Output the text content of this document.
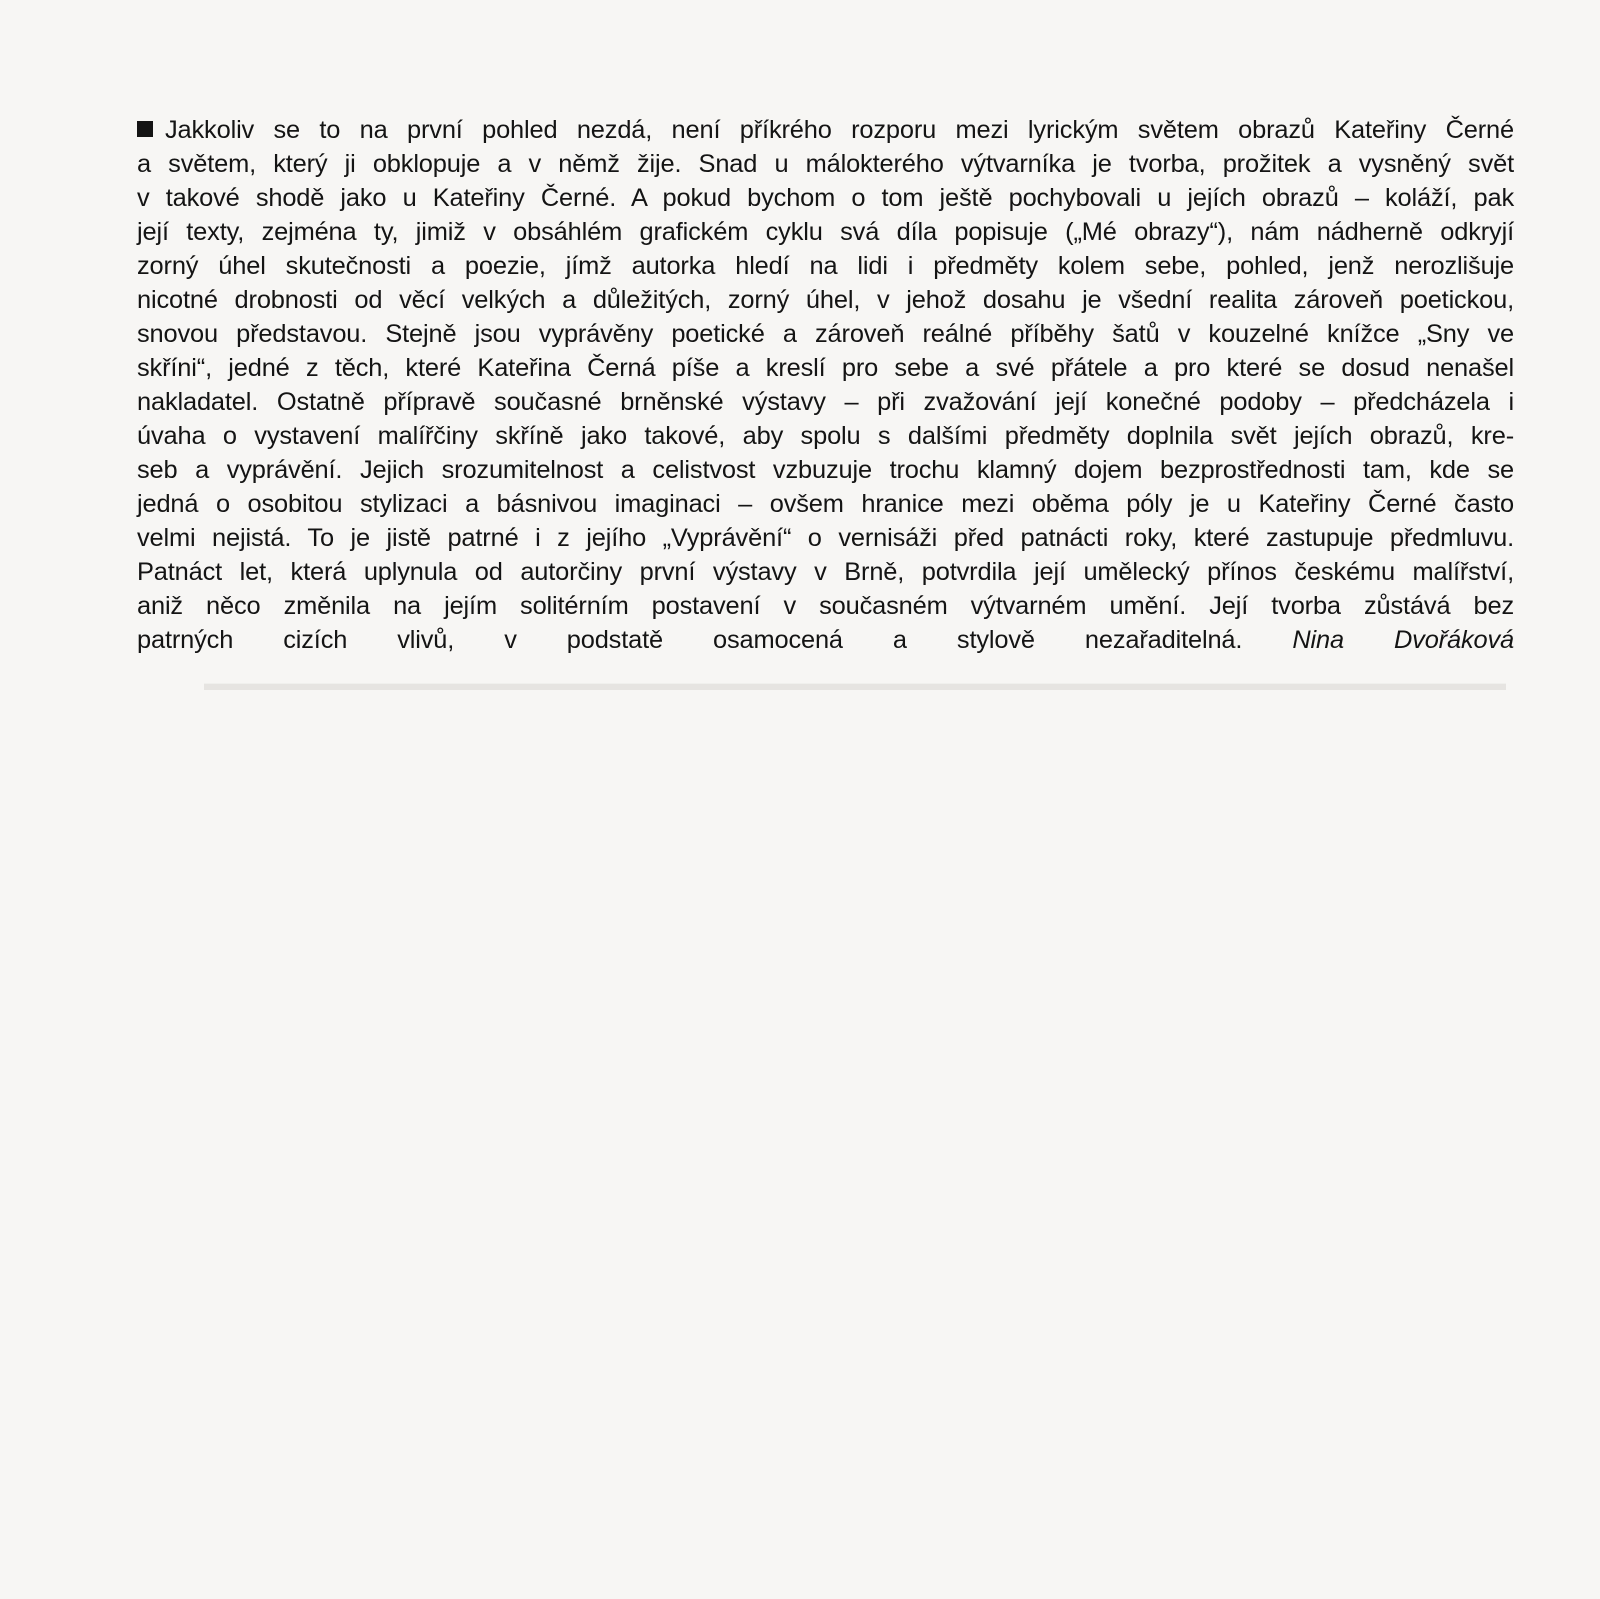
▬▬▬▬▬▬▬▬▬▬▬▬▬▬▬▬▬▬▬▬▬▬▬▬▬▬▬▬▬▬▬▬▬▬▬▬▬▬▬▬▬▬▬▬▬▬▬▬▬▬▬▬▬▬▬▬▬▬▬▬▬▬

Jakkoliv se to na první pohled nezdá, není příkrého rozporu mezi lyrickým světem obrazů Kateřiny Černé
a světem, který ji obklopuje a v němž žije. Snad u málokterého výtvarníka je tvorba, prožitek a vysněný svět
v takové shodě jako u Kateřiny Černé. A pokud bychom o tom ještě pochybovali u jejích obrazů – koláží, pak
její texty, zejména ty, jimiž v obsáhlém grafickém cyklu svá díla popisuje („Mé obrazy“), nám nádherně odkryjí
zorný úhel skutečnosti a poezie, jímž autorka hledí na lidi i předměty kolem sebe, pohled, jenž nerozlišuje
nicotné drobnosti od věcí velkých a důležitých, zorný úhel, v jehož dosahu je všední realita zároveň poetickou,
snovou představou. Stejně jsou vyprávěny poetické a zároveň reálné příběhy šatů v kouzelné knížce „Sny ve
skříni“, jedné z těch, které Kateřina Černá píše a kreslí pro sebe a své přátele a pro které se dosud nenašel
nakladatel. Ostatně přípravě současné brněnské výstavy – při zvažování její konečné podoby – předcházela i
úvaha o vystavení malířčiny skříně jako takové, aby spolu s dalšími předměty doplnila svět jejích obrazů, kre-
seb a vyprávění. Jejich srozumitelnost a celistvost vzbuzuje trochu klamný dojem bezprostřednosti tam, kde se
jedná o osobitou stylizaci a básnivou imaginaci – ovšem hranice mezi oběma póly je u Kateřiny Černé často
velmi nejistá. To je jistě patrné i z jejího „Vyprávění“ o vernisáži před patnácti roky, které zastupuje předmluvu.
Patnáct let, která uplynula od autorčiny první výstavy v Brně, potvrdila její umělecký přínos českému malířství,
aniž něco změnila na jejím solitérním postavení v současném výtvarném umění. Její tvorba zůstává bez
patrných cizích vlivů, v podstatě osamocená a stylově nezařaditelná. Nina Dvořáková
